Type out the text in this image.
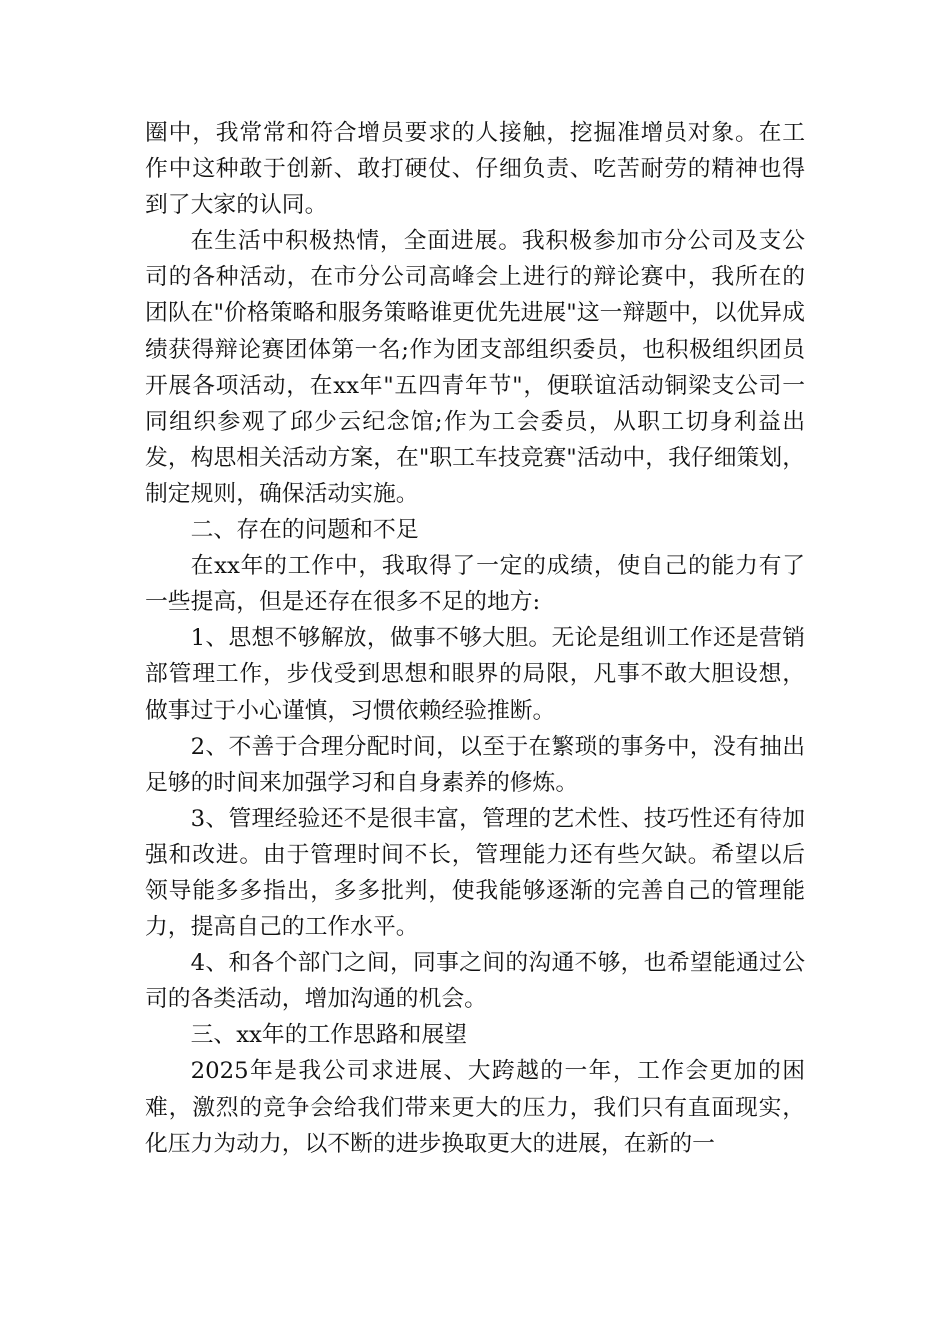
圈中，我常常和符合增员要求的人接触，挖掘准增员对象。在工作中这种敢于创新、敢打硬仗、仔细负责、吃苦耐劳的精神也得到了大家的认同。

在生活中积极热情，全面进展。我积极参加市分公司及支公司的各种活动，在市分公司高峰会上进行的辩论赛中，我所在的团队在"价格策略和服务策略谁更优先进展"这一辩题中，以优异成绩获得辩论赛团体第一名;作为团支部组织委员，也积极组织团员开展各项活动，在xx年"五四青年节"，便联谊活动铜梁支公司一同组织参观了邱少云纪念馆;作为工会委员，从职工切身利益出发，构思相关活动方案，在"职工车技竞赛"活动中，我仔细策划，制定规则，确保活动实施。

二、存在的问题和不足

在xx年的工作中，我取得了一定的成绩，使自己的能力有了一些提高，但是还存在很多不足的地方:

1、思想不够解放，做事不够大胆。无论是组训工作还是营销部管理工作，步伐受到思想和眼界的局限，凡事不敢大胆设想，做事过于小心谨慎，习惯依赖经验推断。

2、不善于合理分配时间，以至于在繁琐的事务中，没有抽出足够的时间来加强学习和自身素养的修炼。

3、管理经验还不是很丰富，管理的艺术性、技巧性还有待加强和改进。由于管理时间不长，管理能力还有些欠缺。希望以后领导能多多指出，多多批判，使我能够逐渐的完善自己的管理能力，提高自己的工作水平。

4、和各个部门之间，同事之间的沟通不够，也希望能通过公司的各类活动，增加沟通的机会。

三、xx年的工作思路和展望

2025年是我公司求进展、大跨越的一年，工作会更加的困难，激烈的竞争会给我们带来更大的压力，我们只有直面现实，化压力为动力，以不断的进步换取更大的进展，在新的一
